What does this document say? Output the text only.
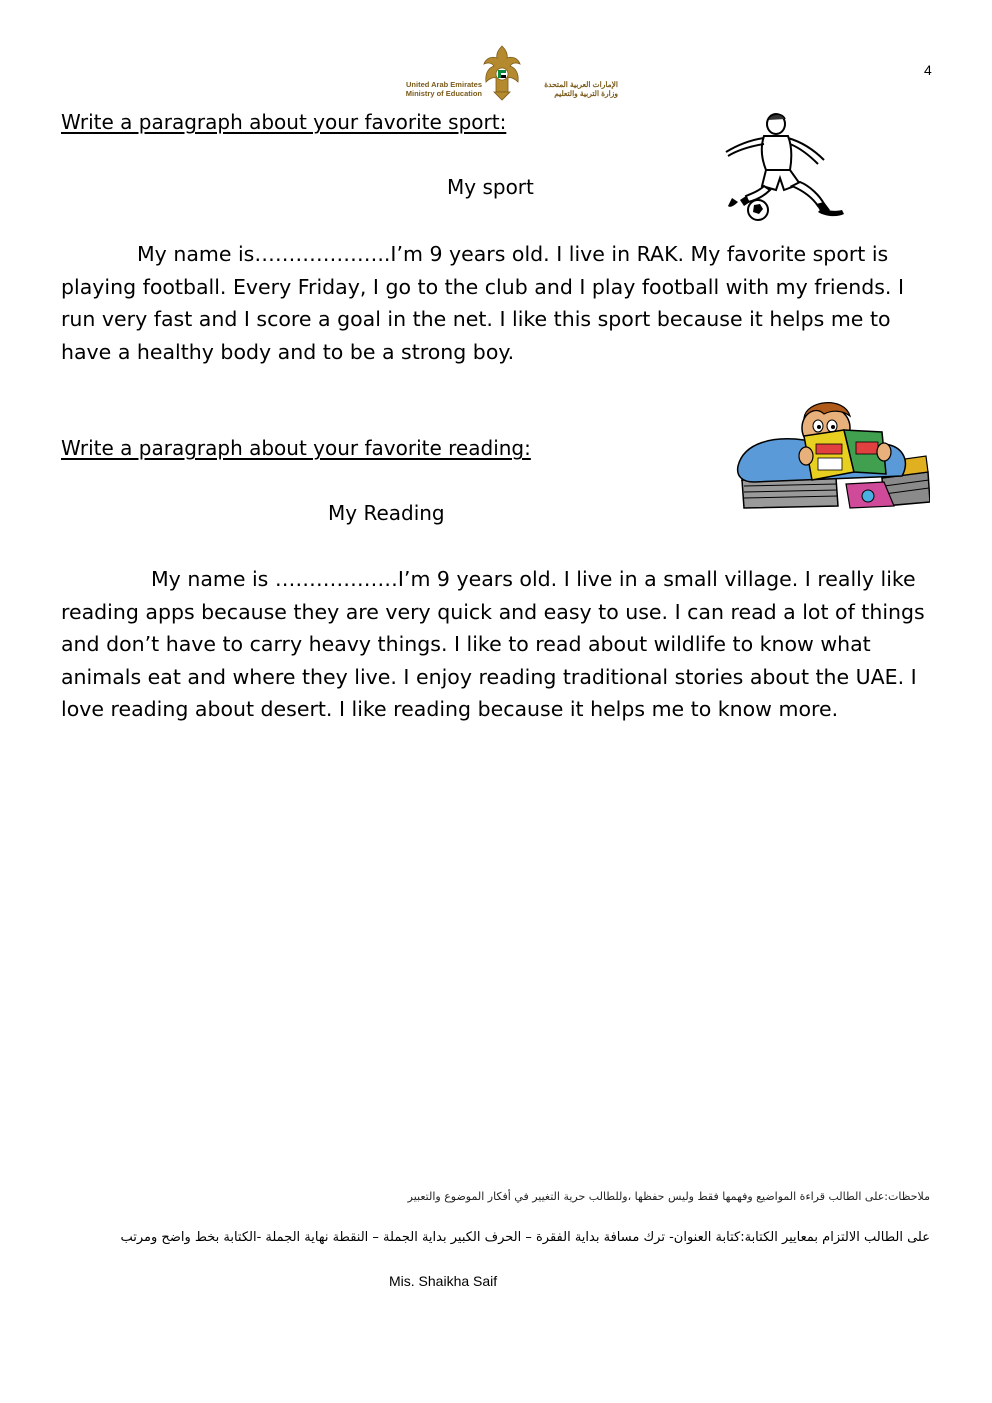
4
United Arab Emirates
Ministry of Education
الإمارات العربية المتحدة
وزارة التربية والتعليم
Write a paragraph about your favorite sport:
My sport
My name is………………..I’m 9 years old. I live in RAK. My favorite sport is playing football. Every Friday, I go to the club and I play football with my friends. I run very fast and I score a goal in the net. I like this sport because it helps me to have a healthy body and to be a strong boy.
Write a paragraph about your favorite reading:
My Reading
My name is ………………I’m 9 years old. I live in a small village. I really like reading apps because they are very quick and easy to use. I can read a lot of things and don’t have to carry heavy things. I like to read about wildlife to know what animals eat and where they live. I enjoy reading traditional stories about the UAE. I love reading about desert. I like reading because it helps me to know more.
ملاحظات:على الطالب قراءة المواضيع وفهمها فقط وليس حفظها ،وللطالب حرية التغيير في أفكار الموضوع والتعبير
على الطالب الالتزام بمعايير الكتابة:كتابة العنوان- ترك مسافة بداية الفقرة – الحرف الكبير بداية الجملة – النقطة نهاية الجملة -الكتابة بخط واضح ومرتب
Mis. Shaikha Saif
